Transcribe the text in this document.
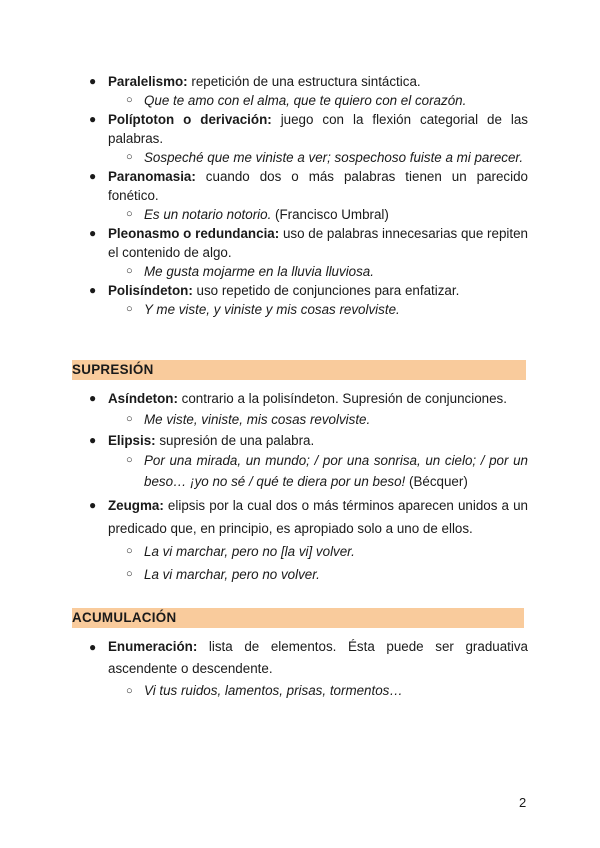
● Paralelismo: repetición de una estructura sintáctica.
○ Que te amo con el alma, que te quiero con el corazón.
● Políptoton o derivación: juego con la flexión categorial de las palabras.
○ Sospeché que me viniste a ver; sospechoso fuiste a mi parecer.
● Paranomasia: cuando dos o más palabras tienen un parecido fonético.
○ Es un notario notorio. (Francisco Umbral)
● Pleonasmo o redundancia: uso de palabras innecesarias que repiten el contenido de algo.
○ Me gusta mojarme en la lluvia lluviosa.
● Polisíndeton: uso repetido de conjunciones para enfatizar.
○ Y me viste, y viniste y mis cosas revolviste.
SUPRESIÓN
● Asíndeton: contrario a la polisíndeton. Supresión de conjunciones.
○ Me viste, viniste, mis cosas revolviste.
● Elipsis: supresión de una palabra.
○ Por una mirada, un mundo; / por una sonrisa, un cielo; / por un beso… ¡yo no sé / qué te diera por un beso! (Bécquer)
● Zeugma: elipsis por la cual dos o más términos aparecen unidos a un predicado que, en principio, es apropiado solo a uno de ellos.
○ La vi marchar, pero no [la vi] volver.
○ La vi marchar, pero no volver.
ACUMULACIÓN
● Enumeración: lista de elementos. Ésta puede ser graduativa ascendente o descendente.
○ Vi tus ruidos, lamentos, prisas, tormentos…
2
